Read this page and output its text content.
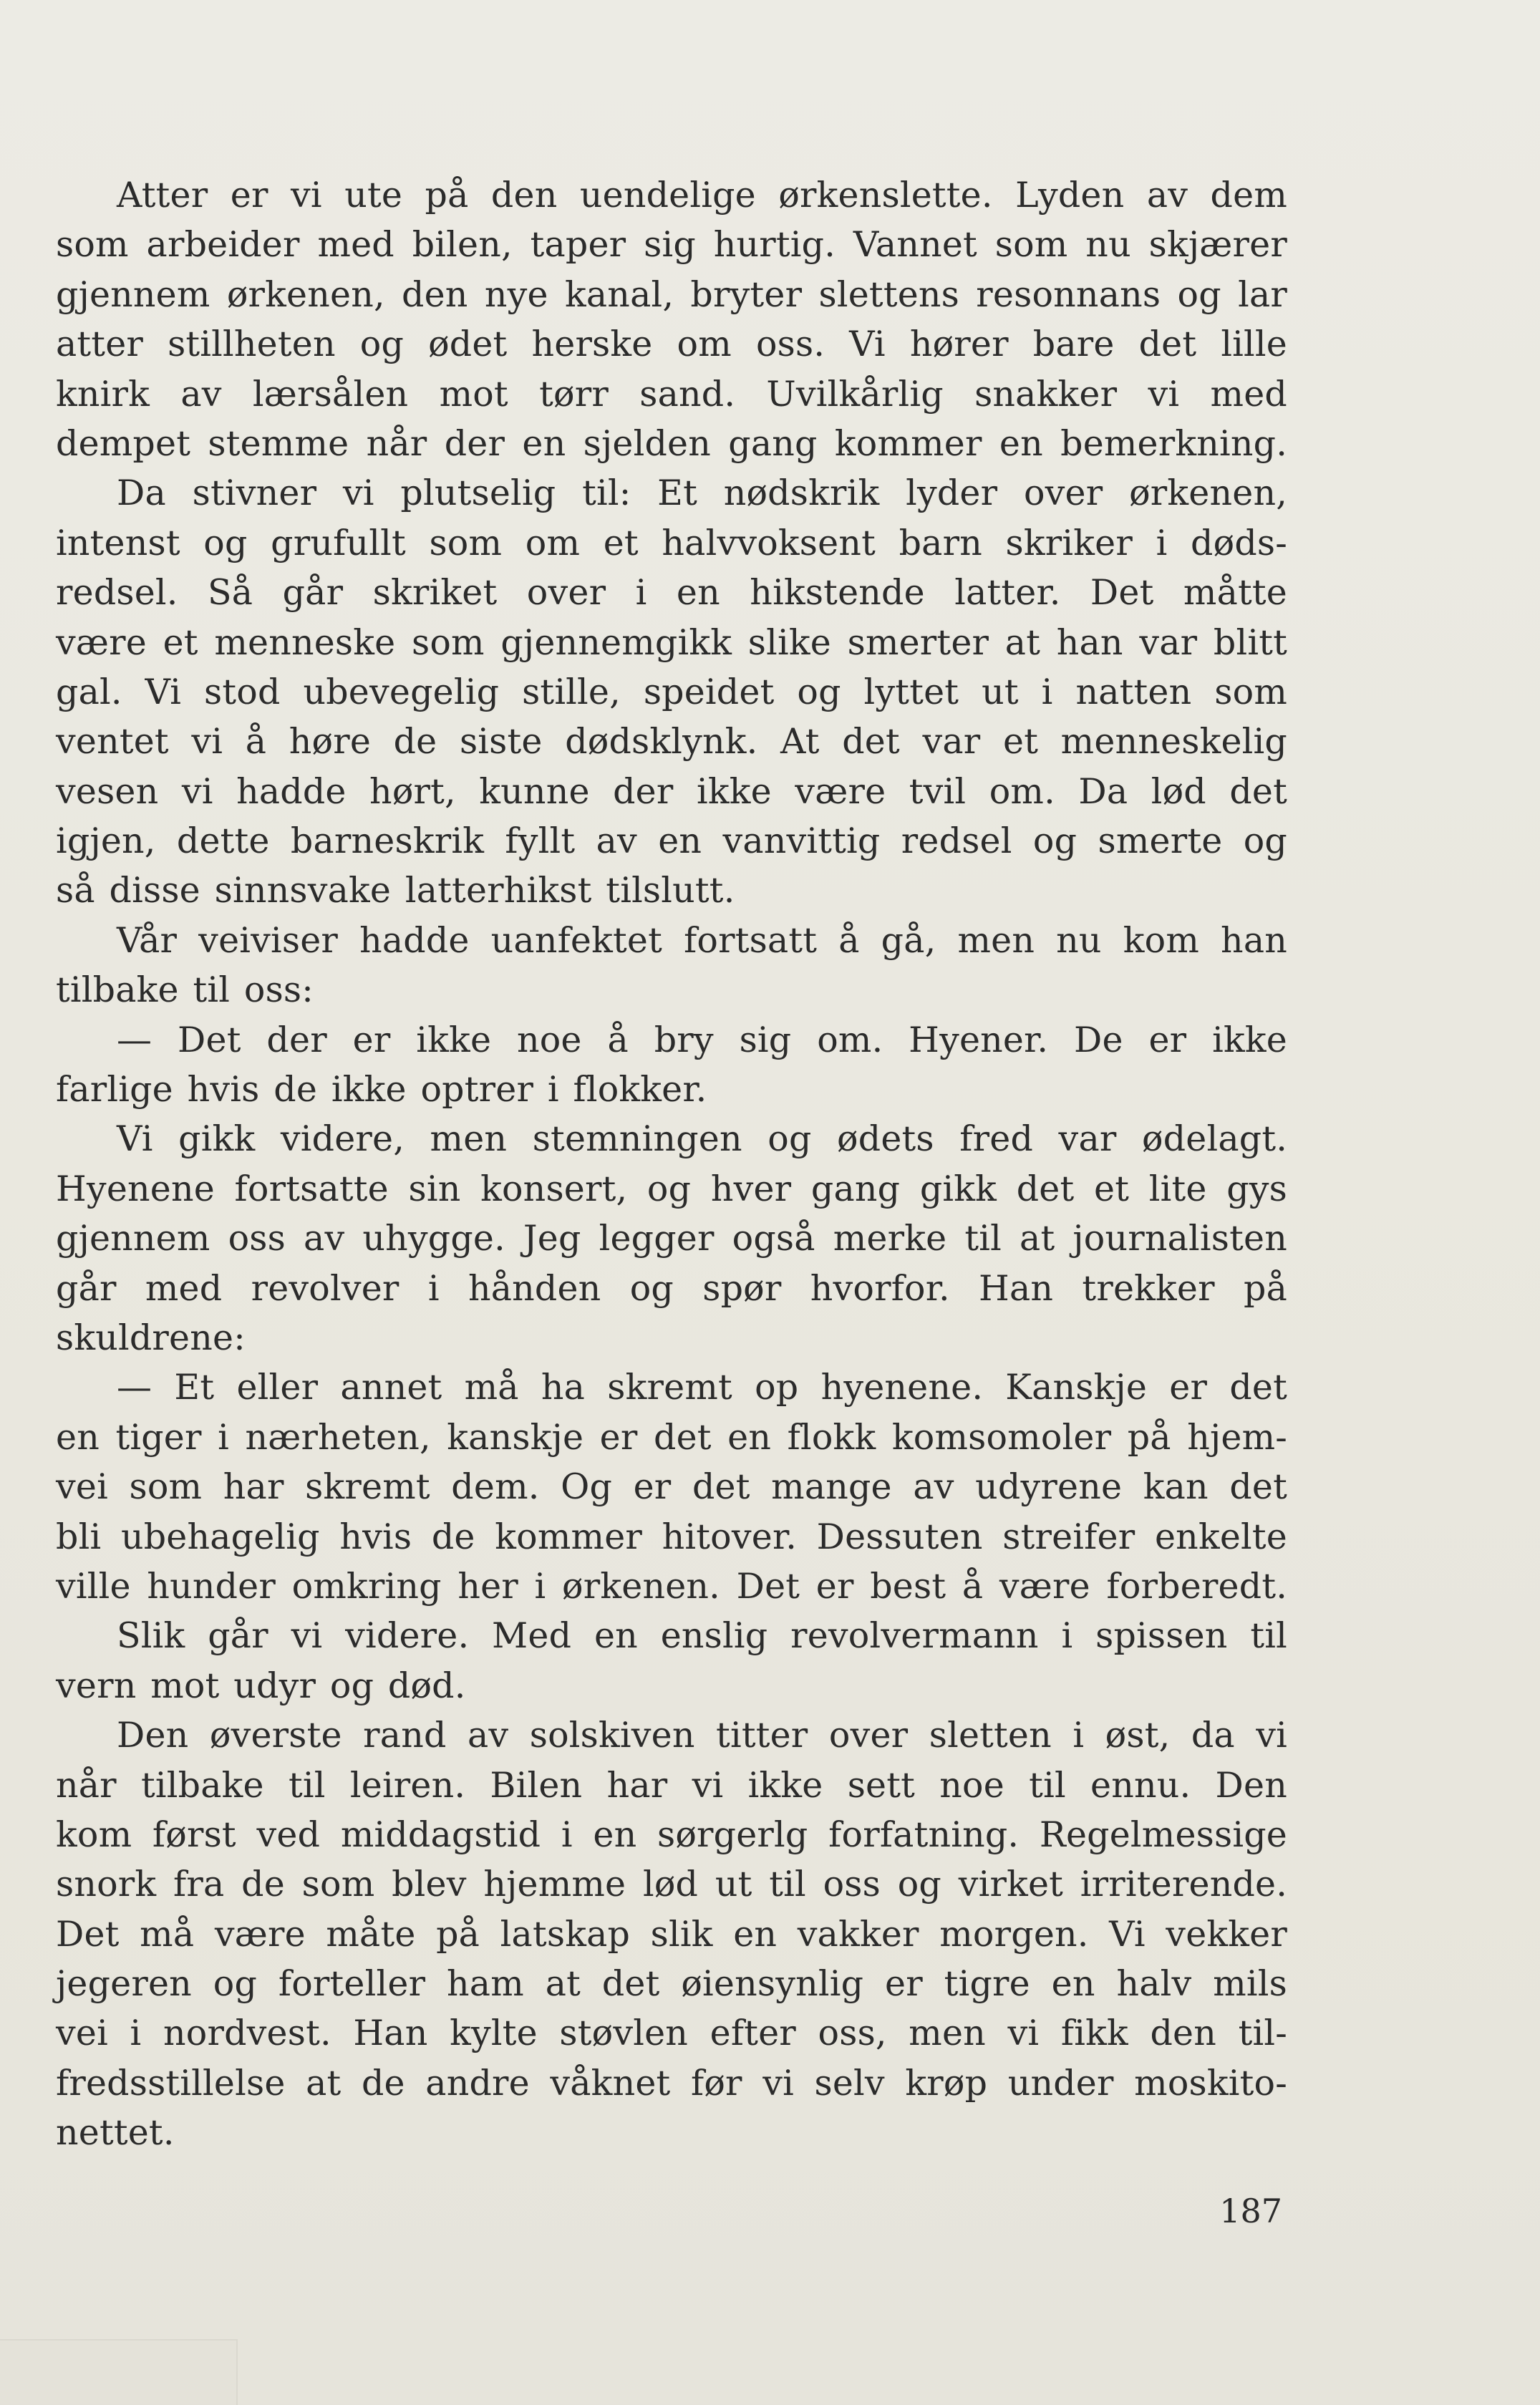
Atter er vi ute på den uendelige ørkenslette. Lyden av dem
som arbeider med bilen, taper sig hurtig. Vannet som nu skjærer
gjennem ørkenen, den nye kanal, bryter slettens resonnans og lar
atter stillheten og ødet herske om oss. Vi hører bare det lille
knirk av lærsålen mot tørr sand. Uvilkårlig snakker vi med
dempet stemme når der en sjelden gang kommer en bemerkning.
Da stivner vi plutselig til: Et nødskrik lyder over ørkenen,
intenst og grufullt som om et halvvoksent barn skriker i døds-
redsel. Så går skriket over i en hikstende latter. Det måtte
være et menneske som gjennemgikk slike smerter at han var blitt
gal. Vi stod ubevegelig stille, speidet og lyttet ut i natten som
ventet vi å høre de siste dødsklynk. At det var et menneskelig
vesen vi hadde hørt, kunne der ikke være tvil om. Da lød det
igjen, dette barneskrik fyllt av en vanvittig redsel og smerte og
så disse sinnsvake latterhikst tilslutt.
Vår veiviser hadde uanfektet fortsatt å gå, men nu kom han
tilbake til oss:
— Det der er ikke noe å bry sig om. Hyener. De er ikke
farlige hvis de ikke optrer i flokker.
Vi gikk videre, men stemningen og ødets fred var ødelagt.
Hyenene fortsatte sin konsert, og hver gang gikk det et lite gys
gjennem oss av uhygge. Jeg legger også merke til at journalisten
går med revolver i hånden og spør hvorfor. Han trekker på
skuldrene:
— Et eller annet må ha skremt op hyenene. Kanskje er det
en tiger i nærheten, kanskje er det en flokk komsomoler på hjem-
vei som har skremt dem. Og er det mange av udyrene kan det
bli ubehagelig hvis de kommer hitover. Dessuten streifer enkelte
ville hunder omkring her i ørkenen. Det er best å være forberedt.
Slik går vi videre. Med en enslig revolvermann i spissen til
vern mot udyr og død.
Den øverste rand av solskiven titter over sletten i øst, da vi
når tilbake til leiren. Bilen har vi ikke sett noe til ennu. Den
kom først ved middagstid i en sørgerlg forfatning. Regelmessige
snork fra de som blev hjemme lød ut til oss og virket irriterende.
Det må være måte på latskap slik en vakker morgen. Vi vekker
jegeren og forteller ham at det øiensynlig er tigre en halv mils
vei i nordvest. Han kylte støvlen efter oss, men vi fikk den til-
fredsstillelse at de andre våknet før vi selv krøp under moskito-
nettet.
187
